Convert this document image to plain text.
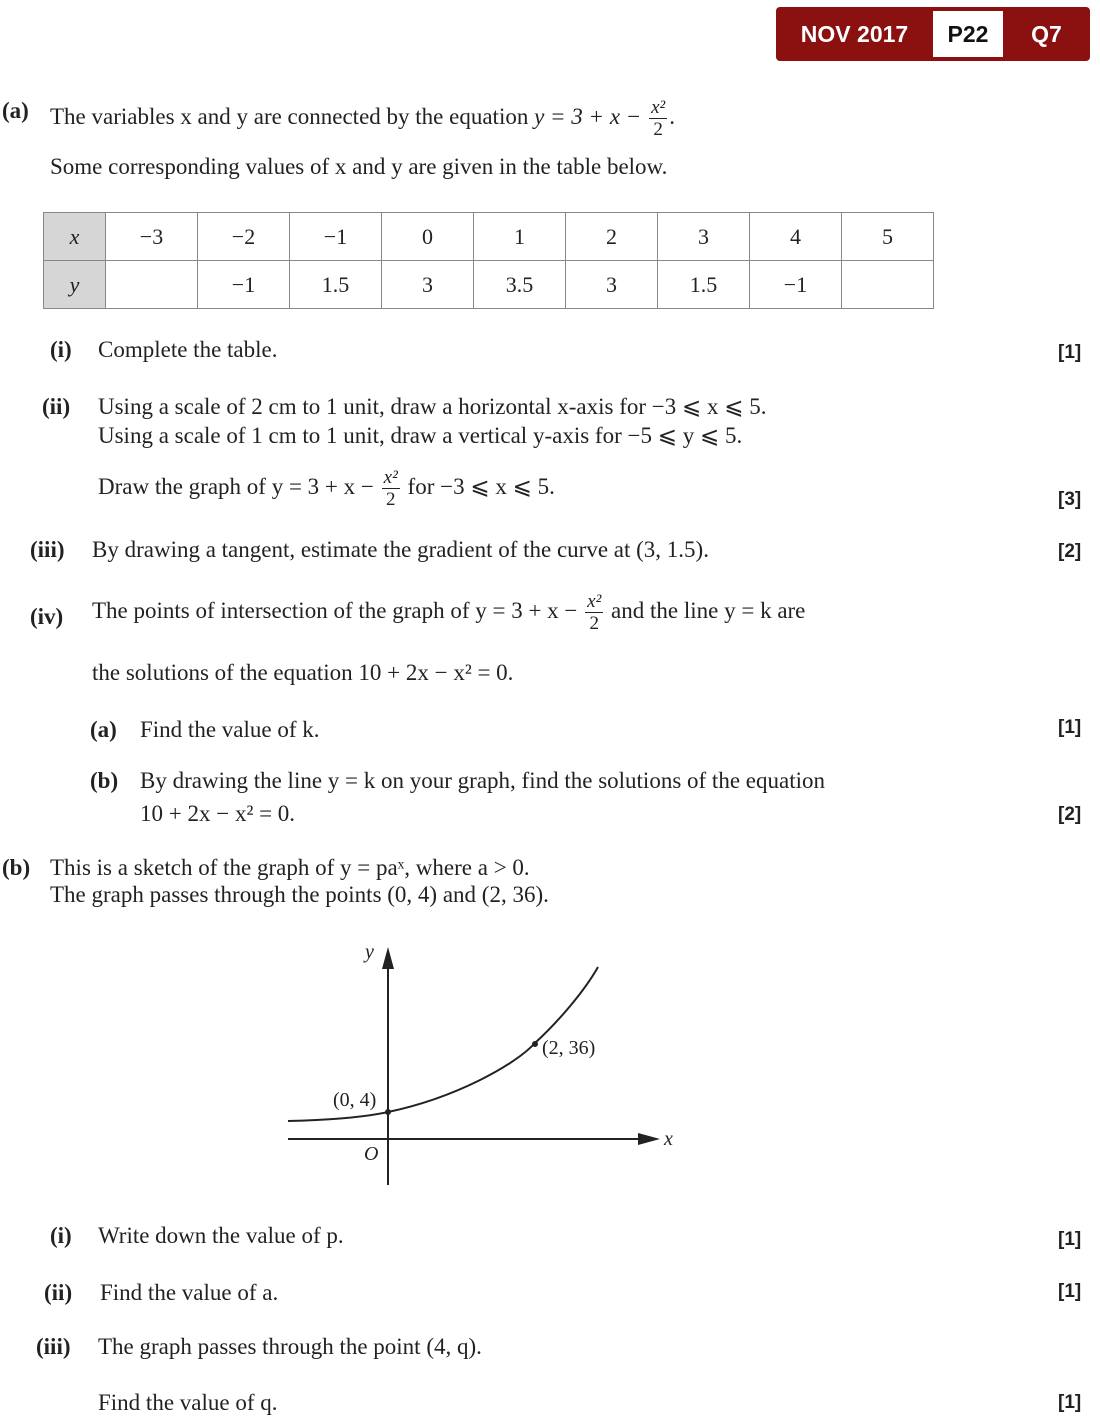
NOV 2017	P22	Q7
(a) The variables x and y are connected by the equation $y = 3 + x - \frac{\text{x²}}{2}$ .
Some corresponding values of x and y are given in the table below.
x	−3	−2	−1	0	1	2	3	4	5
y		−1	1.5	3	3.5	3	1.5	−1	
(i) Complete the table.	[1]
(ii) Using a scale of 2 cm to 1 unit, draw a horizontal x-axis for −3 ⩽ x ⩽ 5.
Using a scale of 1 cm to 1 unit, draw a vertical y-axis for −5 ⩽ y ⩽ 5.
Draw the graph of $y = 3 + x - \frac{\text{x²}}{2}$ for −3 ⩽ x ⩽ 5.
[3]
(iii) By drawing a tangent, estimate the gradient of the curve at (3, 1.5).	[2]
(iv) The points of intersection of the graph of $y = 3 + x - \frac{\text{x²}}{2}$ and the line y = k are
the solutions of the equation 10 + 2x − x² = 0.
(a) Find the value of k.	[1]
(b) By drawing the line y = k on your graph, find the solutions of the equation
10 + 2x − x² = 0.	[2]
(b) This is a sketch of the graph of y = paˣ, where a > 0.
The graph passes through the points (0, 4) and (2, 36).
y
x
O
(0, 4)
(2, 36)
(i) Write down the value of p.	[1]
(ii) Find the value of a.	[1]
(iii) The graph passes through the point (4, q).
Find the value of q.	[1]
